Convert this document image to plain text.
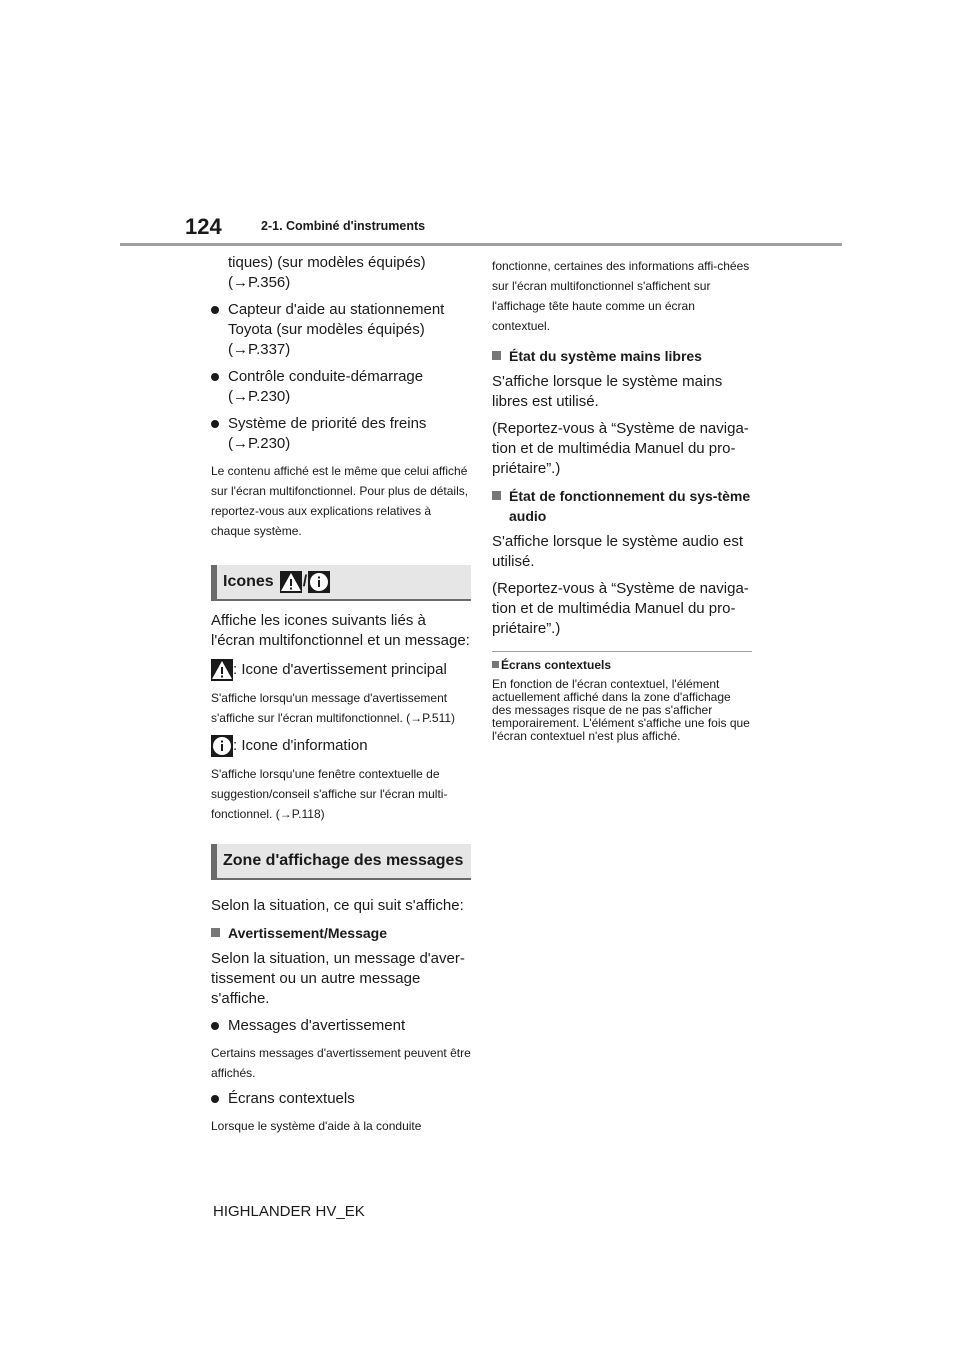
124	2-1. Combiné d'instruments

tiques) (sur modèles équipés)

(→P.356)

Capteur d'aide au stationnement Toyota (sur modèles équipés) (→P.337)
Contrôle conduite-démarrage (→P.230)
Système de priorité des freins (→P.230)

Le contenu affiché est le même que celui affiché sur l'écran multifonctionnel. Pour plus de détails, reportez-vous aux explications relatives à chaque système.

Icones /

Affiche les icones suivants liés à l'écran multifonctionnel et un message:

: Icone d'avertissement principal

S'affiche lorsqu'un message d'avertissement s'affiche sur l'écran multifonctionnel. (→P.511)

: Icone d'information

S'affiche lorsqu'une fenêtre contextuelle de suggestion/conseil s'affiche sur l'écran multi-fonctionnel. (→P.118)

Zone d'affichage des messages

Selon la situation, ce qui suit s'affiche:

Avertissement/Message

Selon la situation, un message d'aver-tissement ou un autre message s'affiche.

Messages d'avertissement

Certains messages d'avertissement peuvent être affichés.

Écrans contextuels

Lorsque le système d'aide à la conduite

fonctionne, certaines des informations affi-chées sur l'écran multifonctionnel s'affichent sur l'affichage tête haute comme un écran contextuel.

État du système mains libres

S'affiche lorsque le système mains libres est utilisé.

(Reportez-vous à “Système de naviga-tion et de multimédia Manuel du pro-priétaire”.)

État de fonctionnement du sys-tème audio

S'affiche lorsque le système audio est utilisé.

(Reportez-vous à “Système de naviga-tion et de multimédia Manuel du pro-priétaire”.)

Écrans contextuels

En fonction de l'écran contextuel, l'élément actuellement affiché dans la zone d'affichage des messages risque de ne pas s'afficher temporairement. L'élément s'affiche une fois que l'écran contextuel n'est plus affiché.

HIGHLANDER HV_EK
